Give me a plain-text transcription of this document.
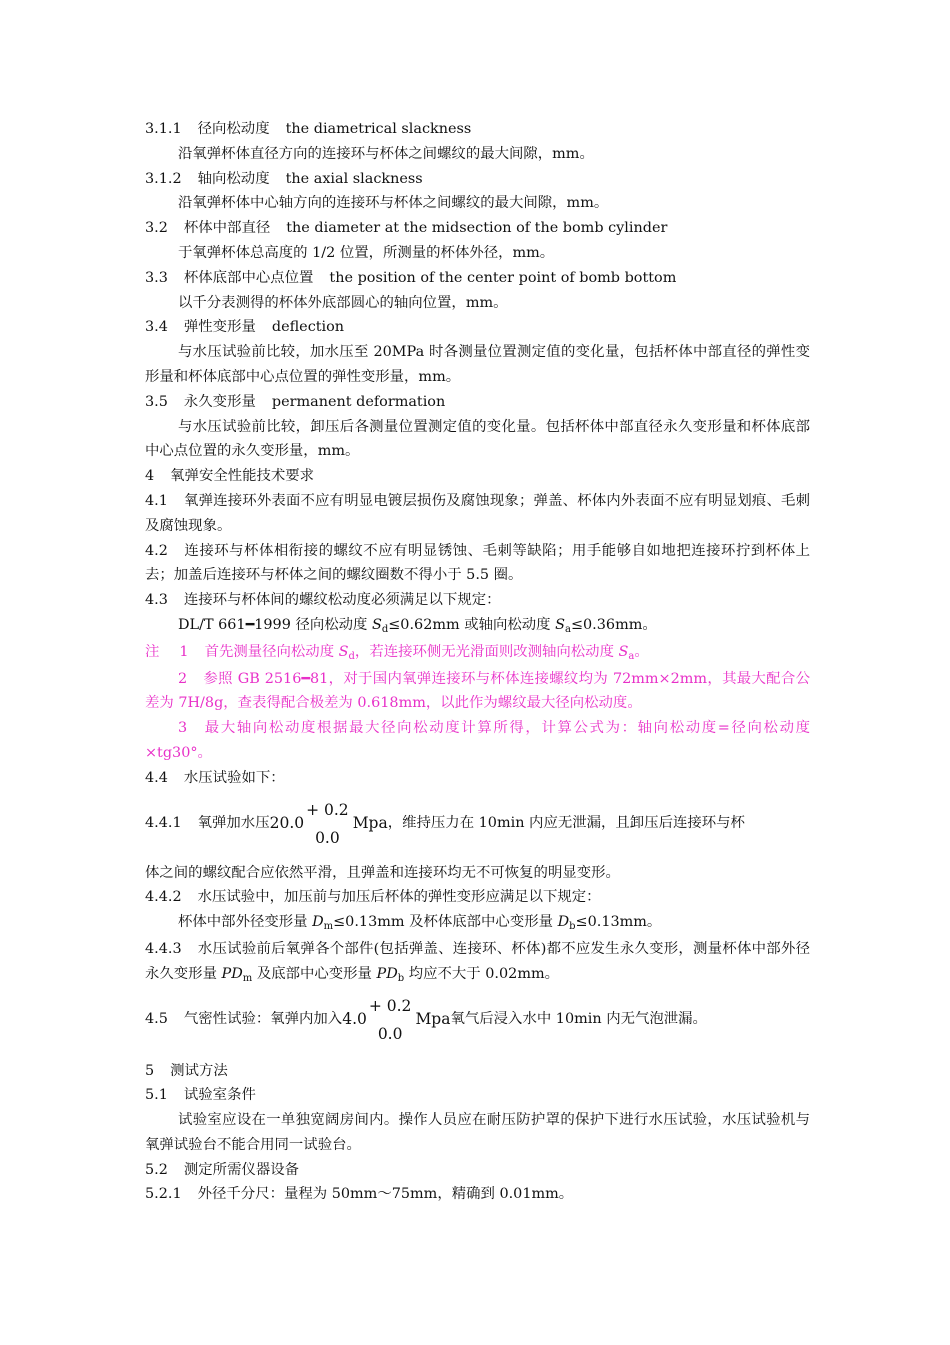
3.1.1 径向松动度 the diametrical slackness
沿氧弹杯体直径方向的连接环与杯体之间螺纹的最大间隙，mm。
3.1.2 轴向松动度 the axial slackness
沿氧弹杯体中心轴方向的连接环与杯体之间螺纹的最大间隙，mm。
3.2 杯体中部直径 the diameter at the midsection of the bomb cylinder
于氧弹杯体总高度的 1/2 位置，所测量的杯体外径，mm。
3.3 杯体底部中心点位置 the position of the center point of bomb bottom
以千分表测得的杯体外底部圆心的轴向位置，mm。
3.4 弹性变形量 deflection
与水压试验前比较，加水压至 20MPa 时各测量位置测定值的变化量，包括杯体中部直径的弹性变形量和杯体底部中心点位置的弹性变形量，mm。
3.5 永久变形量 permanent deformation
与水压试验前比较，卸压后各测量位置测定值的变化量。包括杯体中部直径永久变形量和杯体底部中心点位置的永久变形量，mm。
4 氧弹安全性能技术要求
4.1 氧弹连接环外表面不应有明显电镀层损伤及腐蚀现象；弹盖、杯体内外表面不应有明显划痕、毛刺及腐蚀现象。
4.2 连接环与杯体相衔接的螺纹不应有明显锈蚀、毛刺等缺陷；用手能够自如地把连接环拧到杯体上去；加盖后连接环与杯体之间的螺纹圈数不得小于 5.5 圈。
4.3 连接环与杯体间的螺纹松动度必须满足以下规定：
DL/T 661━1999 径向松动度 $S_d\le 0.62mm$ 或轴向松动度 $S_a\le 0.36mm$。
注 1 首先测量径向松动度 $S_d$，若连接环侧无光滑面则改测轴向松动度 $S_a$。
2 参照 GB 2516━81，对于国内氧弹连接环与杯体连接螺纹均为 72mm×2mm，其最大配合公差为 7H/8g，查表得配合极差为 0.618mm，以此作为螺纹最大径向松动度。
3 最大轴向松动度根据最大径向松动度计算所得，计算公式为：轴向松动度=径向松动度×tg30°。
4.4 水压试验如下：
4.4.1 氧弹加水压 20.0
+ 0.2
0.0
Mpa ，维持压力在 10min 内应无泄漏，且卸压后连接环与杯
体之间的螺纹配合应依然平滑，且弹盖和连接环均无不可恢复的明显变形。
4.4.2 水压试验中，加压前与加压后杯体的弹性变形应满足以下规定：
杯体中部外径变形量 $D_m\le 0.13mm$ 及杯体底部中心变形量 $D_b\le 0.13mm$。
4.4.3 水压试验前后氧弹各个部件(包括弹盖、连接环、杯体)都不应发生永久变形，测量杯体中部外径永久变形量 $PD_m$ 及底部中心变形量 $PD_b$ 均应不大于 0.02mm。
4.5 气密性试验：氧弹内加入 4.0
+ 0.2
0.0
Mpa 氧气后浸入水中 10min 内无气泡泄漏。
5 测试方法
5.1 试验室条件
试验室应设在一单独宽阔房间内。操作人员应在耐压防护罩的保护下进行水压试验，水压试验机与氧弹试验台不能合用同一试验台。
5.2 测定所需仪器设备
5.2.1 外径千分尺：量程为 50mm～75mm，精确到 0.01mm。
